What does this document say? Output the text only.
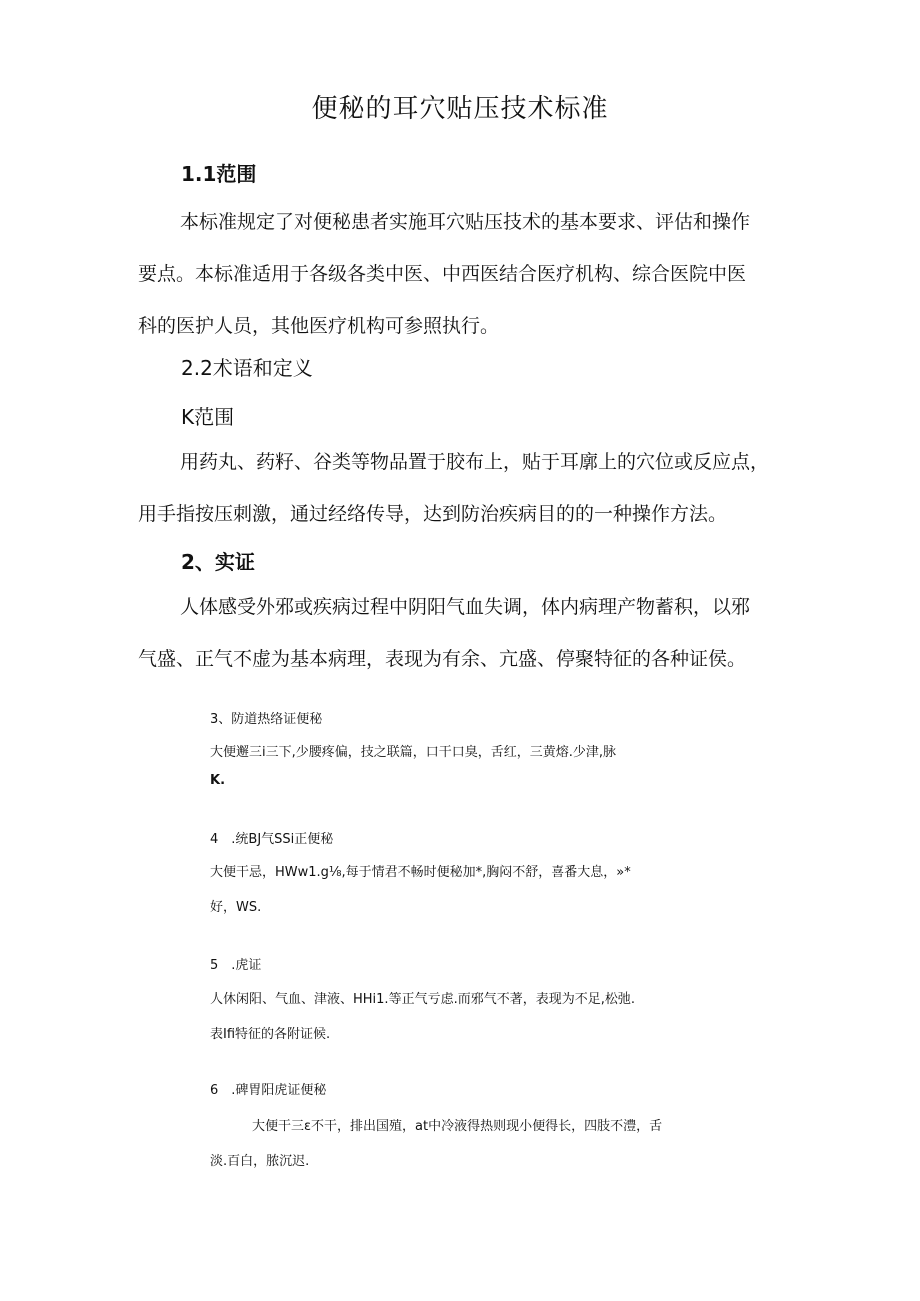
便秘的耳穴贴压技术标准
1.1范围
本标准规定了对便秘患者实施耳穴贴压技术的基本要求、评估和操作
要点。本标准适用于各级各类中医、中西医结合医疗机构、综合医院中医
科的医护人员，其他医疗机构可参照执行。
2.2术语和定义
K范围
用药丸、药籽、谷类等物品置于胶布上，贴于耳廓上的穴位或反应点，
用手指按压刺激，通过经络传导，达到防治疾病目的的一种操作方法。
2、实证
人体感受外邪或疾病过程中阴阳气血失调，体内病理产物蓄积，以邪
气盛、正气不虚为基本病理，表现为有余、亢盛、停聚特征的各种证侯。
3、防道热络证便秘
大便邂三i三下,少腰疼偏，技之联篇，口干口臭，舌红，三黄熔.少津,脉
K.
4　.统BJ气SSi正便秘
大便干忌，HWw1.g⅛,每于情君不畅时便秘加*,胸闷不舒，喜番大息，»*
好，WS.
5　.虎证
人休闲阳、气血、津液、HHi1.等正气亏虑.而邪气不著，表现为不足,松弛.
表Ifi特征的各附证候.
6　.碑胃阳虎证便秘
大便干三ε不干，排出国殖，at中冷液得热则现小便得长，四肢不澧，舌
淡.百白，脓沉迟.
